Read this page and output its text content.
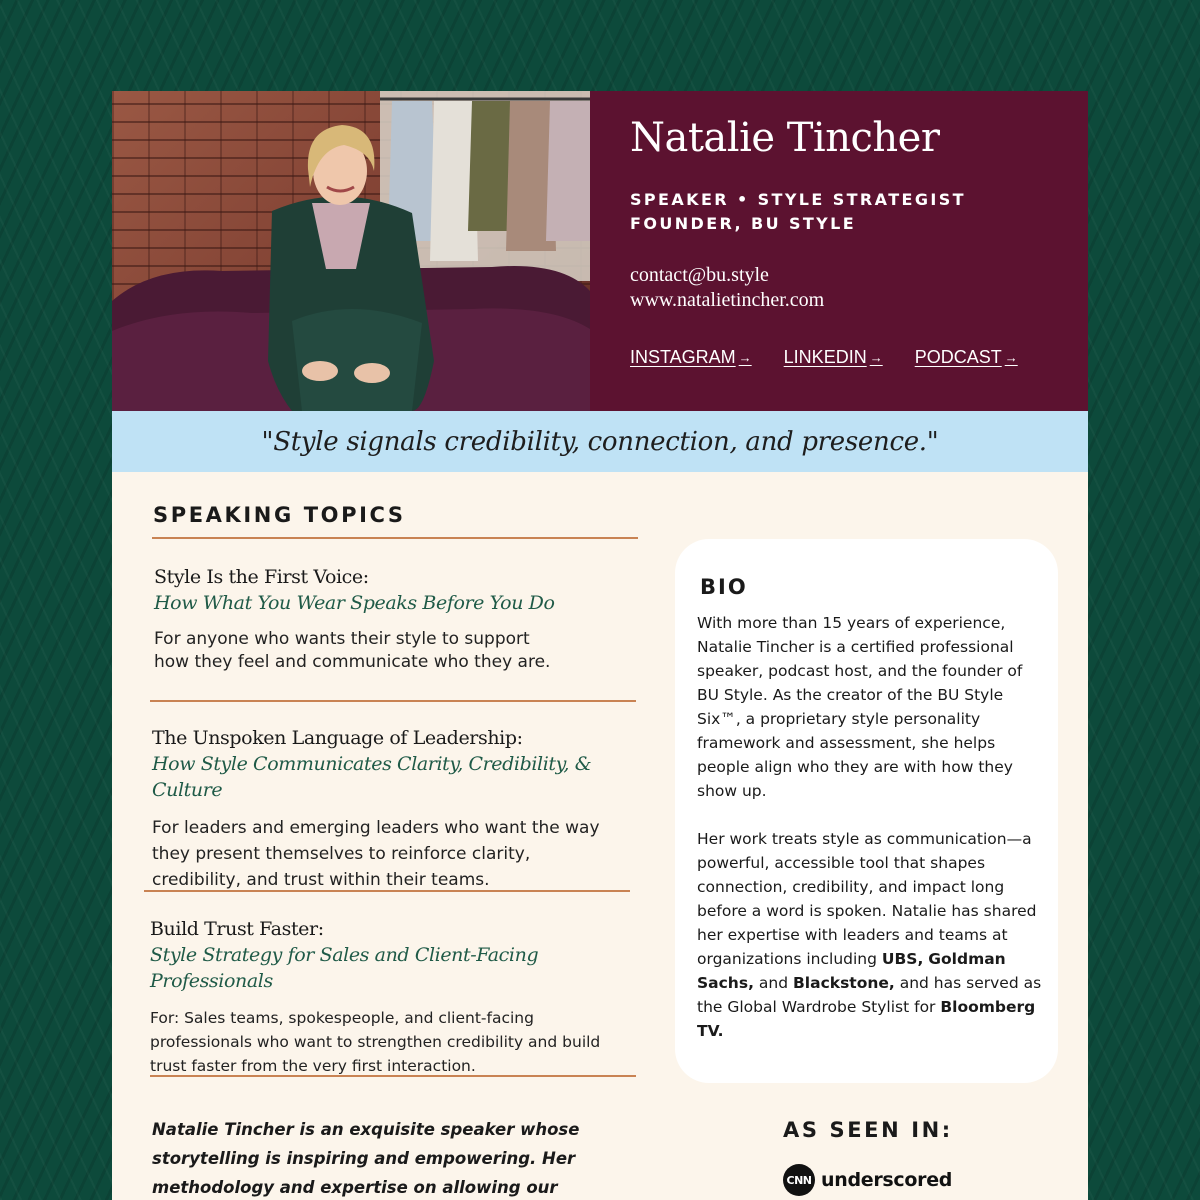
Natalie Tincher
SPEAKER • STYLE STRATEGIST
FOUNDER, BU STYLE
contact@bu.style
www.natalietincher.com
INSTAGRAM → LINKEDIN → PODCAST →
"Style signals credibility, connection, and presence."
SPEAKING TOPICS
Style Is the First Voice:
How What You Wear Speaks Before You Do
For anyone who wants their style to support how they feel and communicate who they are.
The Unspoken Language of Leadership:
How Style Communicates Clarity, Credibility, & Culture
For leaders and emerging leaders who want the way they present themselves to reinforce clarity, credibility, and trust within their teams.
Build Trust Faster:
Style Strategy for Sales and Client-Facing Professionals
For: Sales teams, spokespeople, and client-facing professionals who want to strengthen credibility and build trust faster from the very first interaction.
BIO

With more than 15 years of experience, Natalie Tincher is a certified professional speaker, podcast host, and the founder of BU Style. As the creator of the BU Style Six™, a proprietary style personality framework and assessment, she helps people align who they are with how they show up.

Her work treats style as communication—a powerful, accessible tool that shapes connection, credibility, and impact long before a word is spoken. Natalie has shared her expertise with leaders and teams at organizations including UBS, Goldman Sachs, and Blackstone, and has served as the Global Wardrobe Stylist for Bloomberg TV.

Natalie Tincher is an exquisite speaker whose storytelling is inspiring and empowering. Her methodology and expertise on allowing our
AS SEEN IN:
CNN underscored
